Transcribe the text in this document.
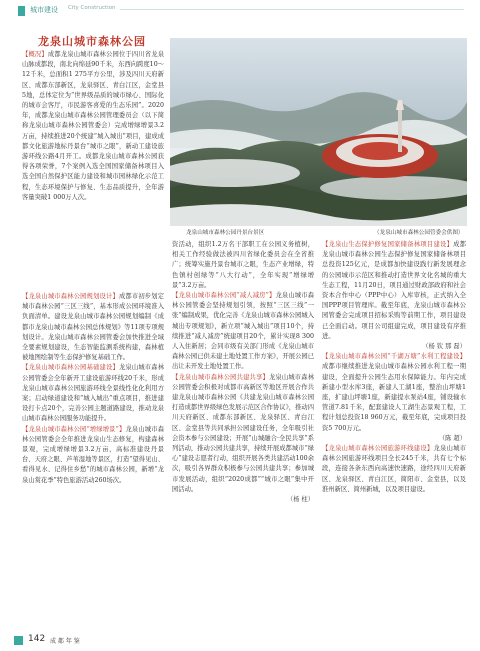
城市建设 City Construction
龙泉山城市森林公园
龙泉山城市森林公园丹景台景区	（龙泉山城市森林公园管委会供图）

【概况】成都龙泉山城市森林公园位于四川省龙泉山脉成都段，南北向绵延90千米，东西向跨度10～12千米，总面积1 275平方公里，涉及四川天府新区、成都东部新区，龙泉驿区、青白江区，金堂县5地，总体定位为“世界级品质的城市绿心、国际化的城市会客厅，市民游客喜爱的生态乐园”。2020年，成都龙泉山城市森林公园管理委员会（以下简称龙泉山城市森林公园管委会）完成增绿增景3.2万亩，持续推进20个统建“城入城出”项目，建成成都文化旅游地标丹景台“城市之眼”，新动工建设旅游环线公路4月开工。成都龙泉山城市森林公园获得各项荣誉，7个案例入选全国国家储备林项目入选全国自然保护区能力建设和城市园林绿化示范工程，生态环境保护与修复、生态品质提升，全年游客量突破1 000万人次。

【龙泉山城市森林公园规划设计】成都市初步划定城市森林公园“三区三线”，基本形成公园环境准入负面清单。建设龙泉山城市森林公园规划编制《成都市龙泉山城市森林公园总体规划》等11项专项规划设计。龙泉山城市森林公园管委会加快推进全域全要素规划建设，生态智能监测系统构建，森林植被地图绘制等生态保护修复基础工作。

【龙泉山城市森林公园基础建设】龙泉山城市森林公园管委会全年新开工建设旅游环线20千米，形成龙泉山城市森林公园旅游环线全景线性化化利用方案；启动绿道建设和“城入城出”重点项目，推进建设打卡点20个，完善公园主题道路建设，推动龙泉山城市森林公园服务功能提升。

【龙泉山城市森林公园“增绿增景”】龙泉山城市森林公园管委会全年推进龙泉山生态修复，构建森林景观，完成增绿增景3.2万亩，高标准建设丹景台、天府之眼、芦苇湿地等景区，打造“望得见山、看得见水、记得住乡愁”的城市森林公园，新增“龙泉山赏花季”特色旅游活动260场次。

资活动，组织1.2万名干部职工在公园义务植树，相关工作经验做法被四川省绿化委员会在全省推广；统筹实施丹景台城市之眼，生态产业增绿，特色镇村创绿等“八大行动”，全年实现“增绿增景”3.2万亩。

【龙泉山城市森林公园“减人减房”】龙泉山城市森林公园管委会坚持规划引领，按照“三区三线”一张“编制成果，优化完善《龙泉山城市森林公园城入城出专项规划》，新立项“城入城出”项目10个，持续推进“减人减房”统建项目20个，累计实现8 300人入住新居；会同市级有关部门形成《龙泉山城市森林公园已供未建土地处置工作方案》，开展公园已出让未开发土地处置工作。

【龙泉山城市森林公园共建共享】龙泉山城市森林公园管委会积极对成都市高新区等地区开展合作共建龙泉山城市森林公园《共建龙泉山城市森林公园打造成都世界级绿色发展示范区合作协议》，推动四川天府新区、成都东部新区、龙泉驿区、青白江区、金堂县等共同承担公园建设任务，全年吸引社会资本参与公园建设；开展“山城融合·全民共享”系列活动，推动公园共建共享，持续开展成都城市“绿心”建设志愿者行动，组织开展各类共建活动100余次，吸引各界群众积极参与公园共建共享；参加城市发展活动，组织“2020成都”“城市之眼”集中开园活动。

（杨 柱）

【龙泉山生态保护修复国家储备林项目建设】成都龙泉山城市森林公园生态保护修复国家储备林项目总投资125亿元，是成都加快建设践行新发展理念的公园城市示范区和推动打造世界文化名城的重大生态工程，11月20日，项目通过财政部政府和社会资本合作中心（PPP中心）入库审核，正式纳入全国PPP项目管理库。截至年底，龙泉山城市森林公园管委会完成项目招标采购等前期工作，项目建设已全面启动。项目公司组建完成，项目建设有序推进。

（杨 钦 那 磊）

【龙泉山城市森林公园“千湖万塘”水利工程建设】成都市继续推进龙泉山城市森林公园水利工程一期建设，全面提升公园生态用水保障能力。年内完成新建小型水库3座，新建人工湖1座，整治山坪塘1座，扩建山坪塘1座，新建提水泵站4座，铺设输水管道7.81千米，配套建设人工湖生态景观工程，工程计划总投资18 960万元，截至年底，完成项目投资5 700万元。

（陈 超）

【龙泉山城市森林公园旅游环线建设】龙泉山城市森林公园旅游环线项目全长245千米，共有七个标段，连接各条东西向高速快速路，途经四川天府新区、龙泉驿区、青白江区，简阳市、金堂县，以及淮州新区、简州新城，以及项目建设。

142 成 都 年 鉴
